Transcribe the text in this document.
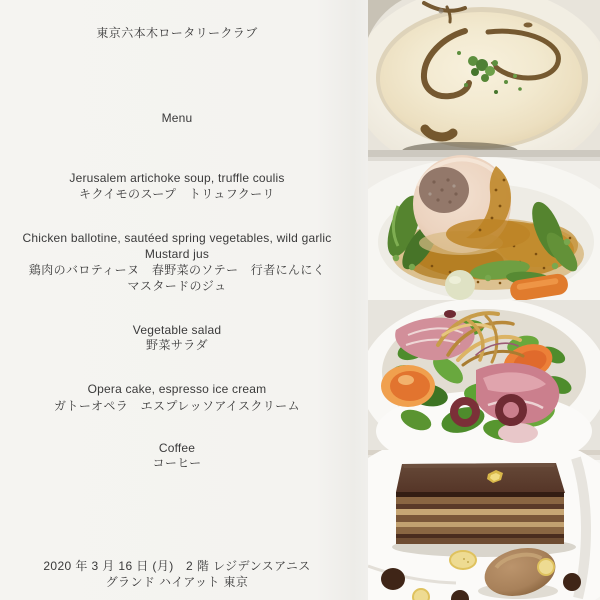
東京六本木ロータリークラブ
Menu
Jerusalem artichoke soup, truffle coulis
キクイモのスープ　トリュフクーリ
Chicken ballotine, sautéed spring vegetables, wild garlic
Mustard jus
鶏肉のバロティーヌ　春野菜のソテー　行者にんにく
マスタードのジュ
Vegetable salad
野菜サラダ
Opera cake, espresso ice cream
ガトーオペラ　エスプレッソアイスクリーム
Coffee
コーヒー
2020 年 3 月 16 日 (月)　2 階 レジデンスアニス
グランド ハイアット 東京
